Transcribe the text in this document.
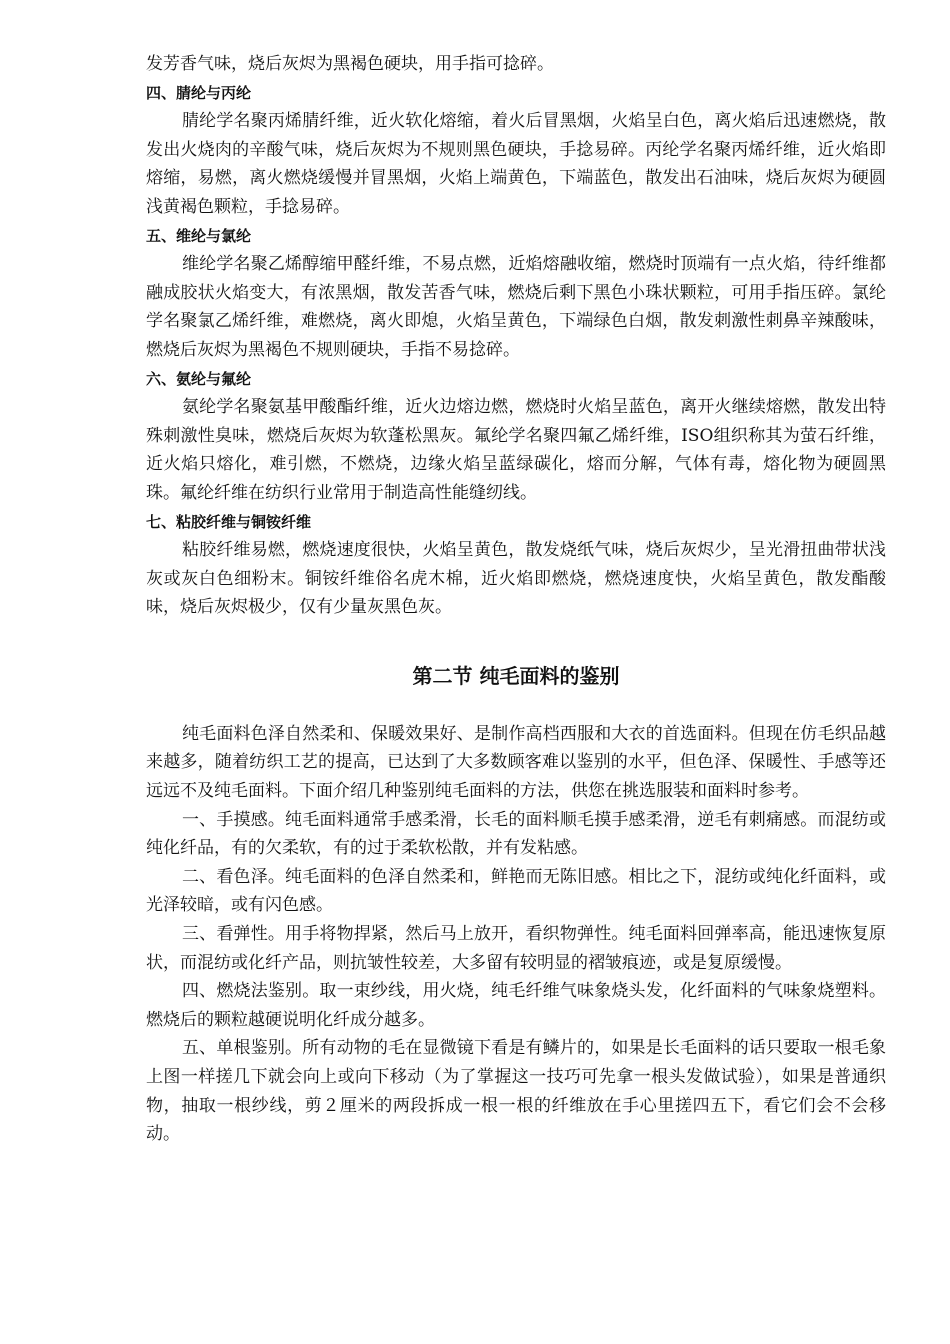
发芳香气味，烧后灰烬为黑褐色硬块，用手指可捻碎。

四、腈纶与丙纶

腈纶学名聚丙烯腈纤维，近火软化熔缩，着火后冒黑烟，火焰呈白色，离火焰后迅速燃烧，散发出火烧肉的辛酸气味，烧后灰烬为不规则黑色硬块，手捻易碎。丙纶学名聚丙烯纤维，近火焰即熔缩，易燃，离火燃烧缓慢并冒黑烟，火焰上端黄色，下端蓝色，散发出石油味，烧后灰烬为硬圆浅黄褐色颗粒，手捻易碎。

五、维纶与氯纶

维纶学名聚乙烯醇缩甲醛纤维，不易点燃，近焰熔融收缩，燃烧时顶端有一点火焰，待纤维都融成胶状火焰变大，有浓黑烟，散发苦香气味，燃烧后剩下黑色小珠状颗粒，可用手指压碎。氯纶学名聚氯乙烯纤维，难燃烧，离火即熄，火焰呈黄色，下端绿色白烟，散发刺激性刺鼻辛辣酸味，燃烧后灰烬为黑褐色不规则硬块，手指不易捻碎。

六、氨纶与氟纶

氨纶学名聚氨基甲酸酯纤维，近火边熔边燃，燃烧时火焰呈蓝色，离开火继续熔燃，散发出特殊刺激性臭味，燃烧后灰烬为软蓬松黑灰。氟纶学名聚四氟乙烯纤维，ISO组织称其为萤石纤维，近火焰只熔化，难引燃，不燃烧，边缘火焰呈蓝绿碳化，熔而分解，气体有毒，熔化物为硬圆黑珠。氟纶纤维在纺织行业常用于制造高性能缝纫线。

七、粘胶纤维与铜铵纤维

粘胶纤维易燃，燃烧速度很快，火焰呈黄色，散发烧纸气味，烧后灰烬少，呈光滑扭曲带状浅灰或灰白色细粉末。铜铵纤维俗名虎木棉，近火焰即燃烧，燃烧速度快，火焰呈黄色，散发酯酸味，烧后灰烬极少，仅有少量灰黑色灰。

第二节 纯毛面料的鉴别

纯毛面料色泽自然柔和、保暖效果好、是制作高档西服和大衣的首选面料。但现在仿毛织品越来越多，随着纺织工艺的提高，已达到了大多数顾客难以鉴别的水平，但色泽、保暖性、手感等还远远不及纯毛面料。下面介绍几种鉴别纯毛面料的方法，供您在挑选服装和面料时参考。

一、手摸感。纯毛面料通常手感柔滑，长毛的面料顺毛摸手感柔滑，逆毛有刺痛感。而混纺或纯化纤品，有的欠柔软，有的过于柔软松散，并有发粘感。

二、看色泽。纯毛面料的色泽自然柔和，鲜艳而无陈旧感。相比之下，混纺或纯化纤面料，或光泽较暗，或有闪色感。

三、看弹性。用手将物捍紧，然后马上放开，看织物弹性。纯毛面料回弹率高，能迅速恢复原状，而混纺或化纤产品，则抗皱性较差，大多留有较明显的褶皱痕迹，或是复原缓慢。

四、燃烧法鉴别。取一束纱线，用火烧，纯毛纤维气味象烧头发，化纤面料的气味象烧塑料。燃烧后的颗粒越硬说明化纤成分越多。

五、单根鉴别。所有动物的毛在显微镜下看是有鳞片的，如果是长毛面料的话只要取一根毛象上图一样搓几下就会向上或向下移动（为了掌握这一技巧可先拿一根头发做试验），如果是普通织物，抽取一根纱线，剪２厘米的两段拆成一根一根的纤维放在手心里搓四五下，看它们会不会移动。
